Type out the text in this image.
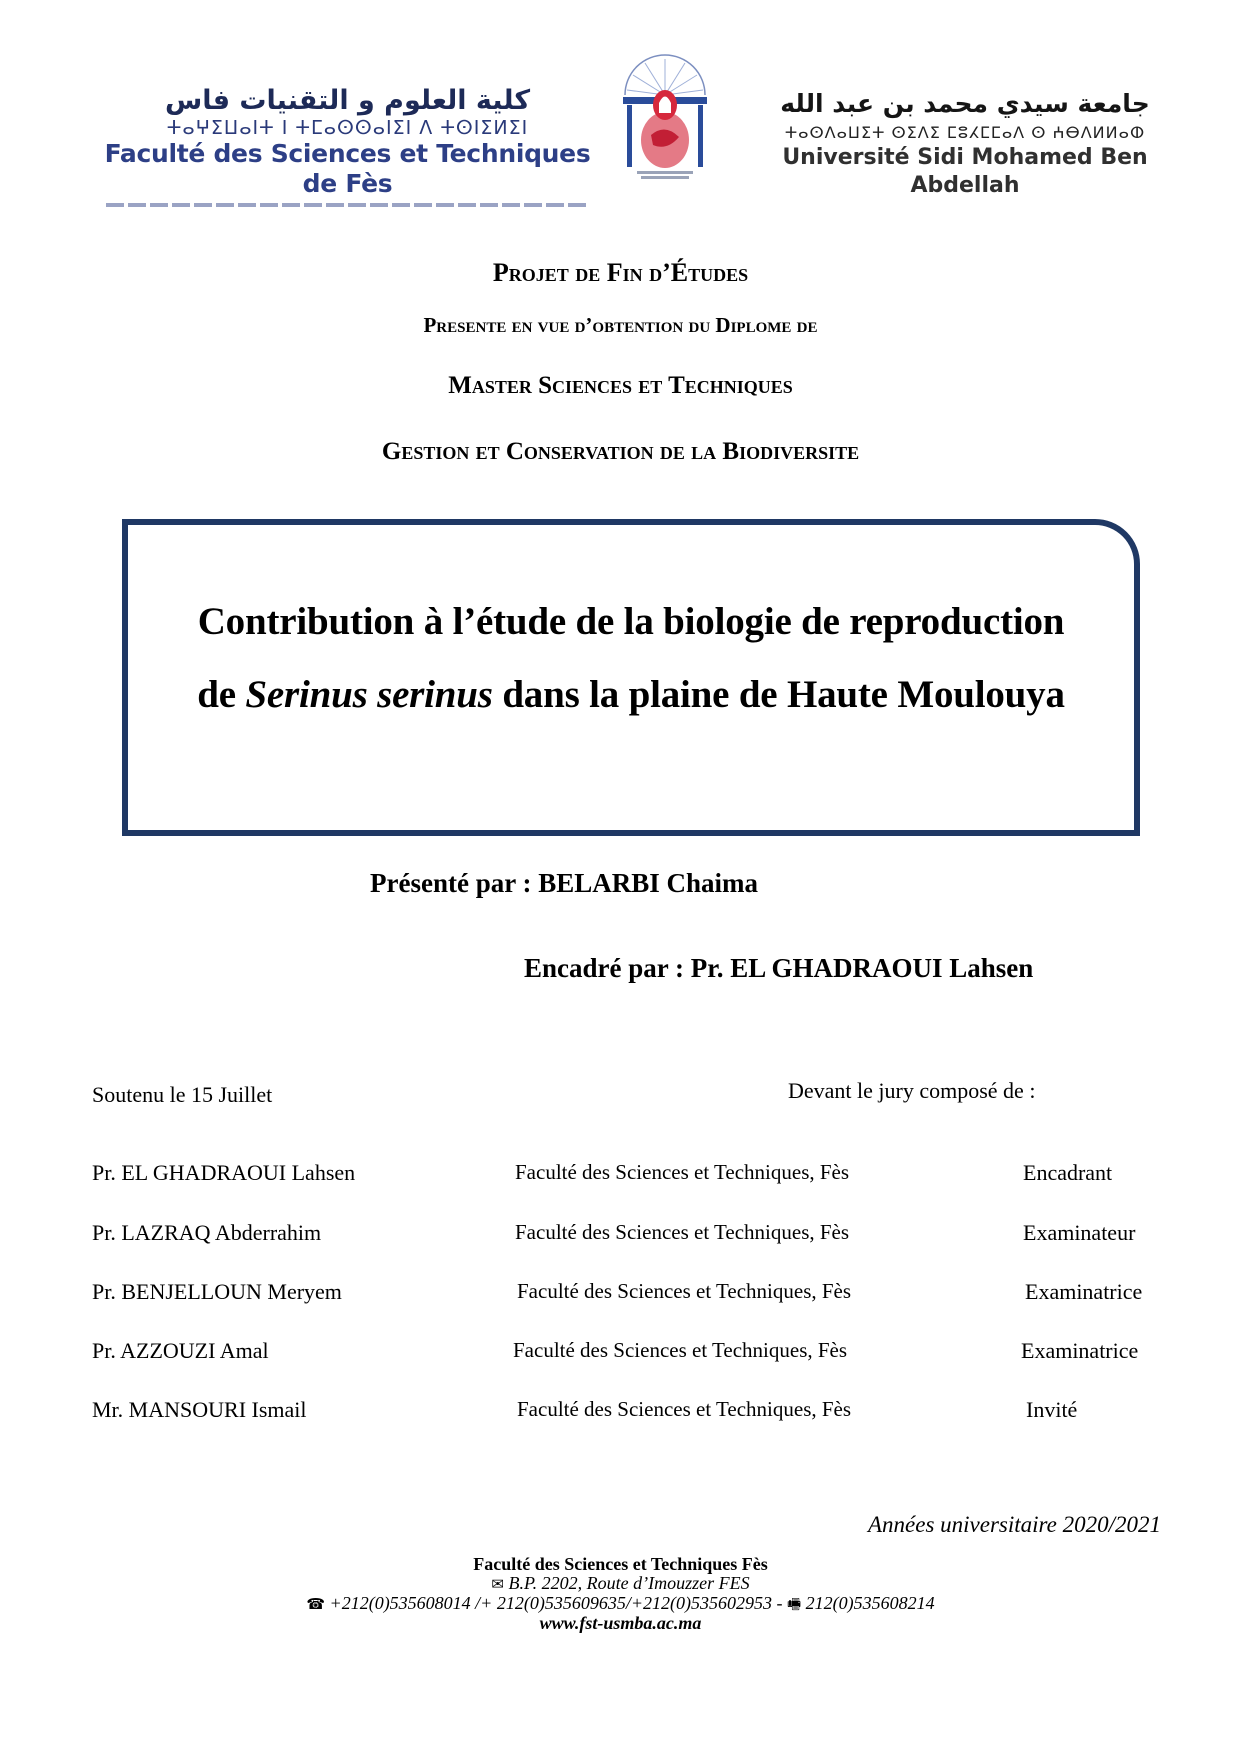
كلية العلوم و التقنيات فاس
ⵜⴰⵖⵉⵡⴰⵏⵜ ⵏ ⵜⵎⴰⵙⵙⴰⵏⵉⵏ ⴷ ⵜⵙⵏⵉⵍⵉⵏ
Faculté des Sciences et Techniques de Fès
جامعة سيدي محمد بن عبد الله
ⵜⴰⵙⴷⴰⵡⵉⵜ ⵙⵉⴷⵉ ⵎⵓⵃⵎⵎⴰⴷ ⵙ ⵄⴱⴷⵍⵍⴰⵀ
Université Sidi Mohamed Ben Abdellah
Projet de Fin d’Études
Presente en vue d’obtention du Diplome de
Master Sciences et Techniques
Gestion et Conservation de la Biodiversite
Contribution à l’étude de la biologie de reproduction
de Serinus serinus dans la plaine de Haute Moulouya
Présenté par : BELARBI Chaima
Encadré par : Pr. EL GHADRAOUI Lahsen
Soutenu le 15 Juillet	Devant le jury composé de :
Pr. EL GHADRAOUI Lahsen	Faculté des Sciences et Techniques, Fès	Encadrant
Pr. LAZRAQ Abderrahim	Faculté des Sciences et Techniques, Fès	Examinateur
Pr. BENJELLOUN Meryem	Faculté des Sciences et Techniques, Fès	Examinatrice
Pr. AZZOUZI Amal	Faculté des Sciences et Techniques, Fès	Examinatrice
Mr. MANSOURI Ismail	Faculté des Sciences et Techniques, Fès	Invité
Années universitaire 2020/2021
Faculté des Sciences et Techniques Fès
✉ B.P. 2202, Route d’Imouzzer FES
☎ +212(0)535608014 /+ 212(0)535609635/+212(0)535602953 - 🖷 212(0)535608214
www.fst-usmba.ac.ma
